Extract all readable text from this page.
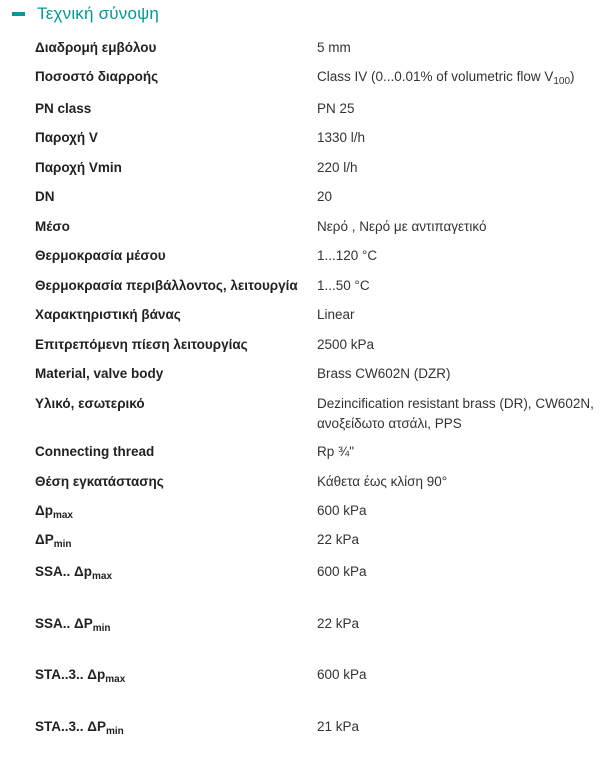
Τεχνική σύνοψη
Διαδρομή εμβόλου	5 mm
Ποσοστό διαρροής	Class IV (0...0.01% of volumetric flow $V_{100}$)
PN class	PN 25
Παροχή V	1330 l/h
Παροχή Vmin	220 l/h
DN	20
Μέσο	Νερό , Νερό με αντιπαγετικό
Θερμοκρασία μέσου	1...120 °C
Θερμοκρασία περιβάλλοντος, λειτουργία	1...50 °C
Χαρακτηριστική βάνας	Linear
Επιτρεπόμενη πίεση λειτουργίας	2500 kPa
Material, valve body	Brass CW602N (DZR)
Υλικό, εσωτερικό	Dezincification resistant brass (DR), CW602N, ανοξείδωτο ατσάλι, PPS
Connecting thread	Rp ¾"
Θέση εγκατάστασης	Κάθετα έως κλίση 90°
$\Delta p_{max}$	600 kPa
$\Delta P_{min}$	22 kPa
SSA.. $\Delta p_{max}$	600 kPa
SSA.. $\Delta P_{min}$	22 kPa
STA..3.. $\Delta p_{max}$	600 kPa
STA..3.. $\Delta P_{min}$	21 kPa
